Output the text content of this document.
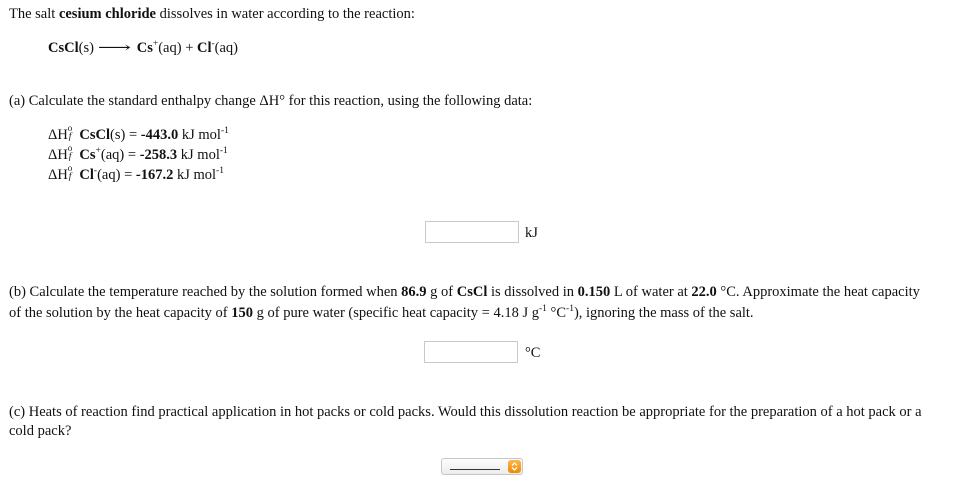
The salt cesium chloride dissolves in water according to the reaction:
CsCl(s) ⟶ Cs+(aq) + Cl-(aq)
(a) Calculate the standard enthalpy change ΔH° for this reaction, using the following data:
ΔH o
f CsCl(s) = -443.0 kJ mol$^{-1}$
ΔH o
f Cs+(aq) = -258.3 kJ mol$^{-1}$
ΔH o
f Cl-(aq) = -167.2 kJ mol$^{-1}$
kJ
(b) Calculate the temperature reached by the solution formed when 86.9 g of CsCl is dissolved in 0.150 L of water at 22.0 °C. Approximate the heat capacity
of the solution by the heat capacity of 150 g of pure water (specific heat capacity = 4.18 J $g^{-1}$ $^\circ C^{-1}$), ignoring the mass of the salt.
°C
(c) Heats of reaction find practical application in hot packs or cold packs. Would this dissolution reaction be appropriate for the preparation of a hot pack or a
cold pack?
